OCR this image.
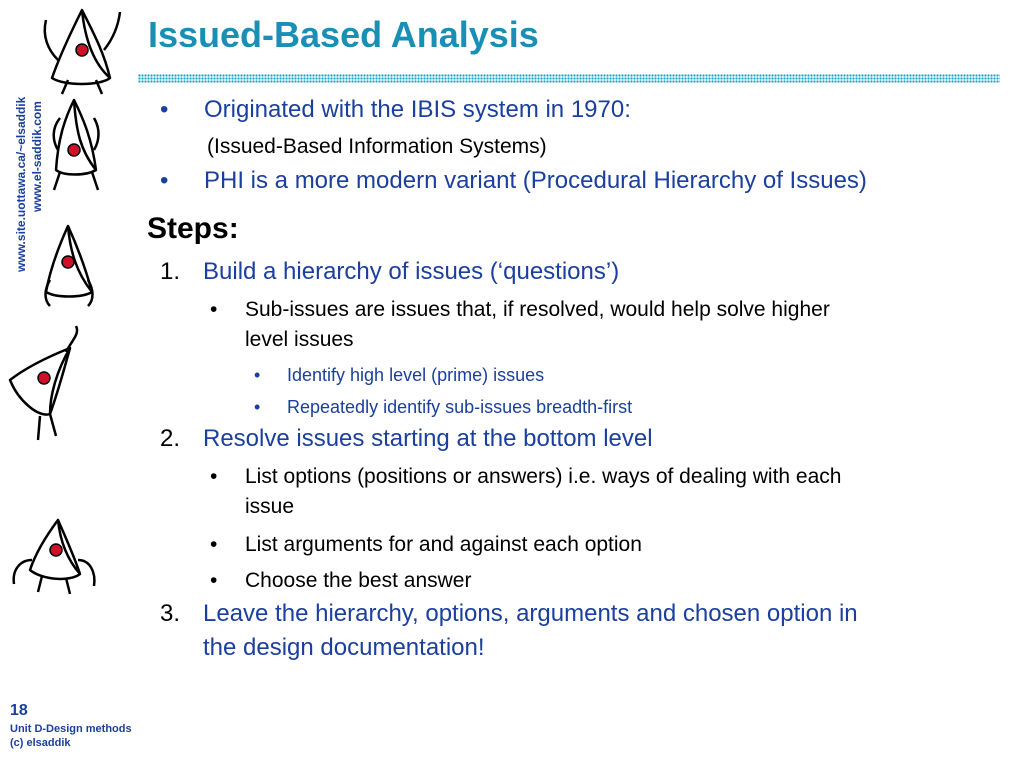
www.site.uottawa.ca/~elsaddik www.el-saddik.com
Issued-Based Analysis
• Originated with the IBIS system in 1970:
(Issued-Based Information Systems)
• PHI is a more modern variant (Procedural Hierarchy of Issues)
Steps:
1. Build a hierarchy of issues (‘questions’)
• Sub-issues are issues that, if resolved, would help solve higher
level issues
• Identify high level (prime) issues
• Repeatedly identify sub-issues breadth-first
2. Resolve issues starting at the bottom level
• List options (positions or answers) i.e. ways of dealing with each
issue
• List arguments for and against each option
• Choose the best answer
3. Leave the hierarchy, options, arguments and chosen option in
the design documentation!
18
Unit D-Design methods
(c) elsaddik
